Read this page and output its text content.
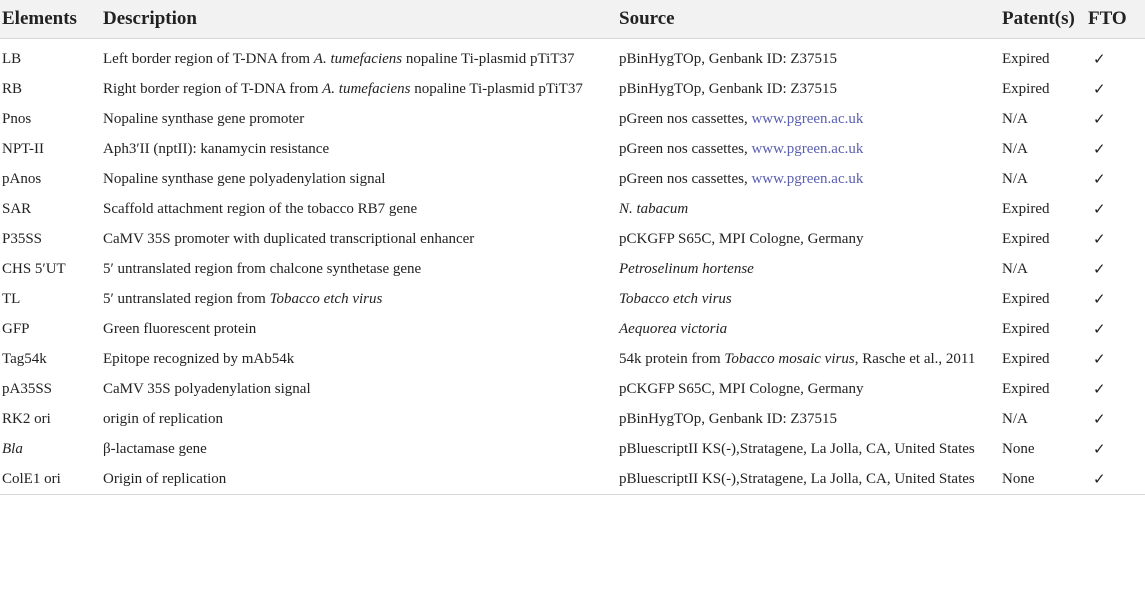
Elements	Description	Source	Patent(s)	FTO
LB	Left border region of T-DNA from A. tumefaciens nopaline Ti-plasmid pTiT37	pBinHygTOp, Genbank ID: Z37515	Expired	✓
RB	Right border region of T-DNA from A. tumefaciens nopaline Ti-plasmid pTiT37	pBinHygTOp, Genbank ID: Z37515	Expired	✓
Pnos	Nopaline synthase gene promoter	pGreen nos cassettes, www.pgreen.ac.uk	N/A	✓
NPT-II	Aph3′II (nptII): kanamycin resistance	pGreen nos cassettes, www.pgreen.ac.uk	N/A	✓
pAnos	Nopaline synthase gene polyadenylation signal	pGreen nos cassettes, www.pgreen.ac.uk	N/A	✓
SAR	Scaffold attachment region of the tobacco RB7 gene	N. tabacum	Expired	✓
P35SS	CaMV 35S promoter with duplicated transcriptional enhancer	pCKGFP S65C, MPI Cologne, Germany	Expired	✓
CHS 5′UT	5′ untranslated region from chalcone synthetase gene	Petroselinum hortense	N/A	✓
TL	5′ untranslated region from Tobacco etch virus	Tobacco etch virus	Expired	✓
GFP	Green fluorescent protein	Aequorea victoria	Expired	✓
Tag54k	Epitope recognized by mAb54k	54k protein from Tobacco mosaic virus, Rasche et al., 2011	Expired	✓
pA35SS	CaMV 35S polyadenylation signal	pCKGFP S65C, MPI Cologne, Germany	Expired	✓
RK2 ori	origin of replication	pBinHygTOp, Genbank ID: Z37515	N/A	✓
Bla	β-lactamase gene	pBluescriptII KS(-),Stratagene, La Jolla, CA, United States	None	✓
ColE1 ori	Origin of replication	pBluescriptII KS(-),Stratagene, La Jolla, CA, United States	None	✓
